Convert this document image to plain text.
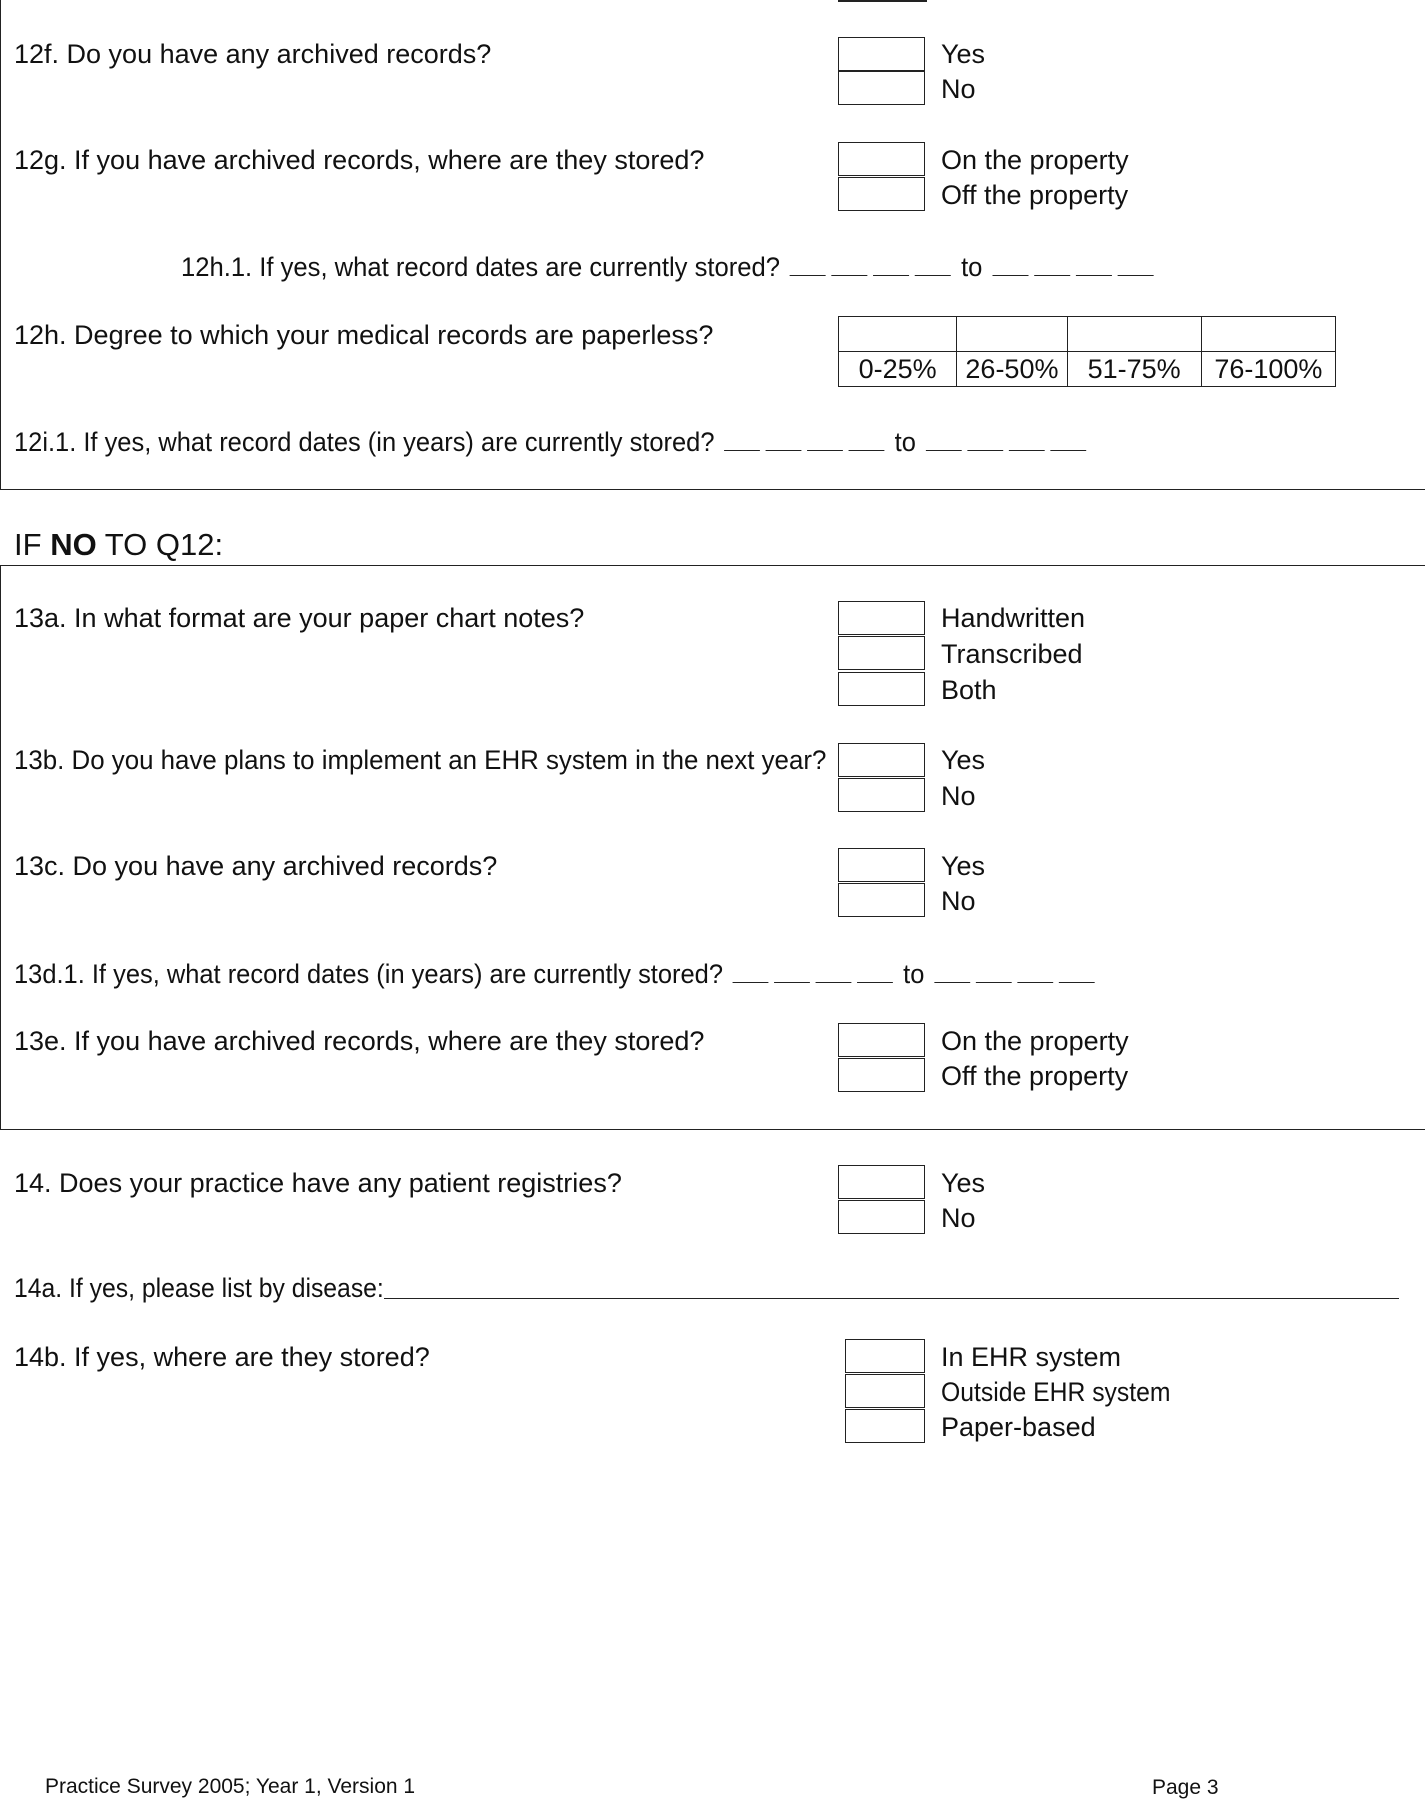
12f. Do you have any archived records?	Yes
No
12g. If you have archived records, where are they stored?	On the property
Off the property
12h.1. If yes, what record dates are currently stored?	to
12h. Degree to which your medical records are paperless?

0-25%	26-50%	51-75%	76-100%
12i.1. If yes, what record dates (in years) are currently stored?	to
IF NO TO Q12:
13a. In what format are your paper chart notes?	Handwritten
Transcribed
Both
13b. Do you have plans to implement an EHR system in the next year?	Yes
No
13c. Do you have any archived records?	Yes
No
13d.1. If yes, what record dates (in years) are currently stored?	to
13e. If you have archived records, where are they stored?	On the property
Off the property
14. Does your practice have any patient registries?	Yes
No
14a. If yes, please list by disease:
14b. If yes, where are they stored?	In EHR system
Outside EHR system
Paper-based
Practice Survey 2005; Year 1, Version 1	Page 3
